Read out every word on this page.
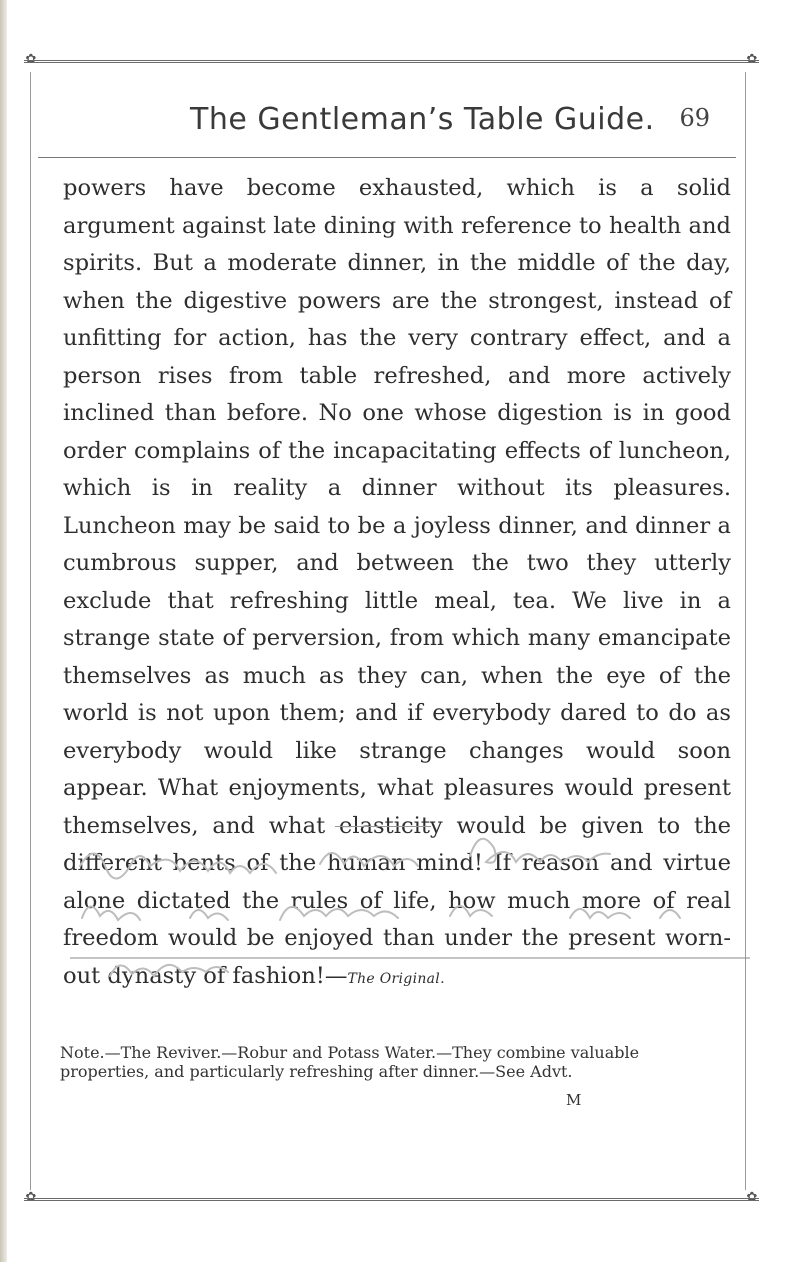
✿	✿
✿	✿
The Gentleman’s Table Guide. 69

powers have become exhausted, which is a solid argument against late dining with reference to health and spirits. But a moderate dinner, in the middle of the day, when the digestive powers are the strongest, instead of unfitting for action, has the very contrary effect, and a person rises from table refreshed, and more actively inclined than before. No one whose digestion is in good order complains of the incapacitating effects of luncheon, which is in reality a dinner without its pleasures. Luncheon may be said to be a joyless dinner, and dinner a cumbrous supper, and between the two they utterly exclude that refreshing little meal, tea. We live in a strange state of perversion, from which many emancipate themselves as much as they can, when the eye of the world is not upon them; and if everybody dared to do as everybody would like strange changes would soon appear. What enjoyments, what pleasures would present themselves, and what elasticity would be given to the different bents of the human mind! If reason and virtue alone dictated the rules of life, how much more of real freedom would be enjoyed than under the present worn-out dynasty of fashion!—The Original.

Note.—The Reviver.—Robur and Potass Water.—They combine valuable properties, and particularly refreshing after dinner.—See Advt.

M
